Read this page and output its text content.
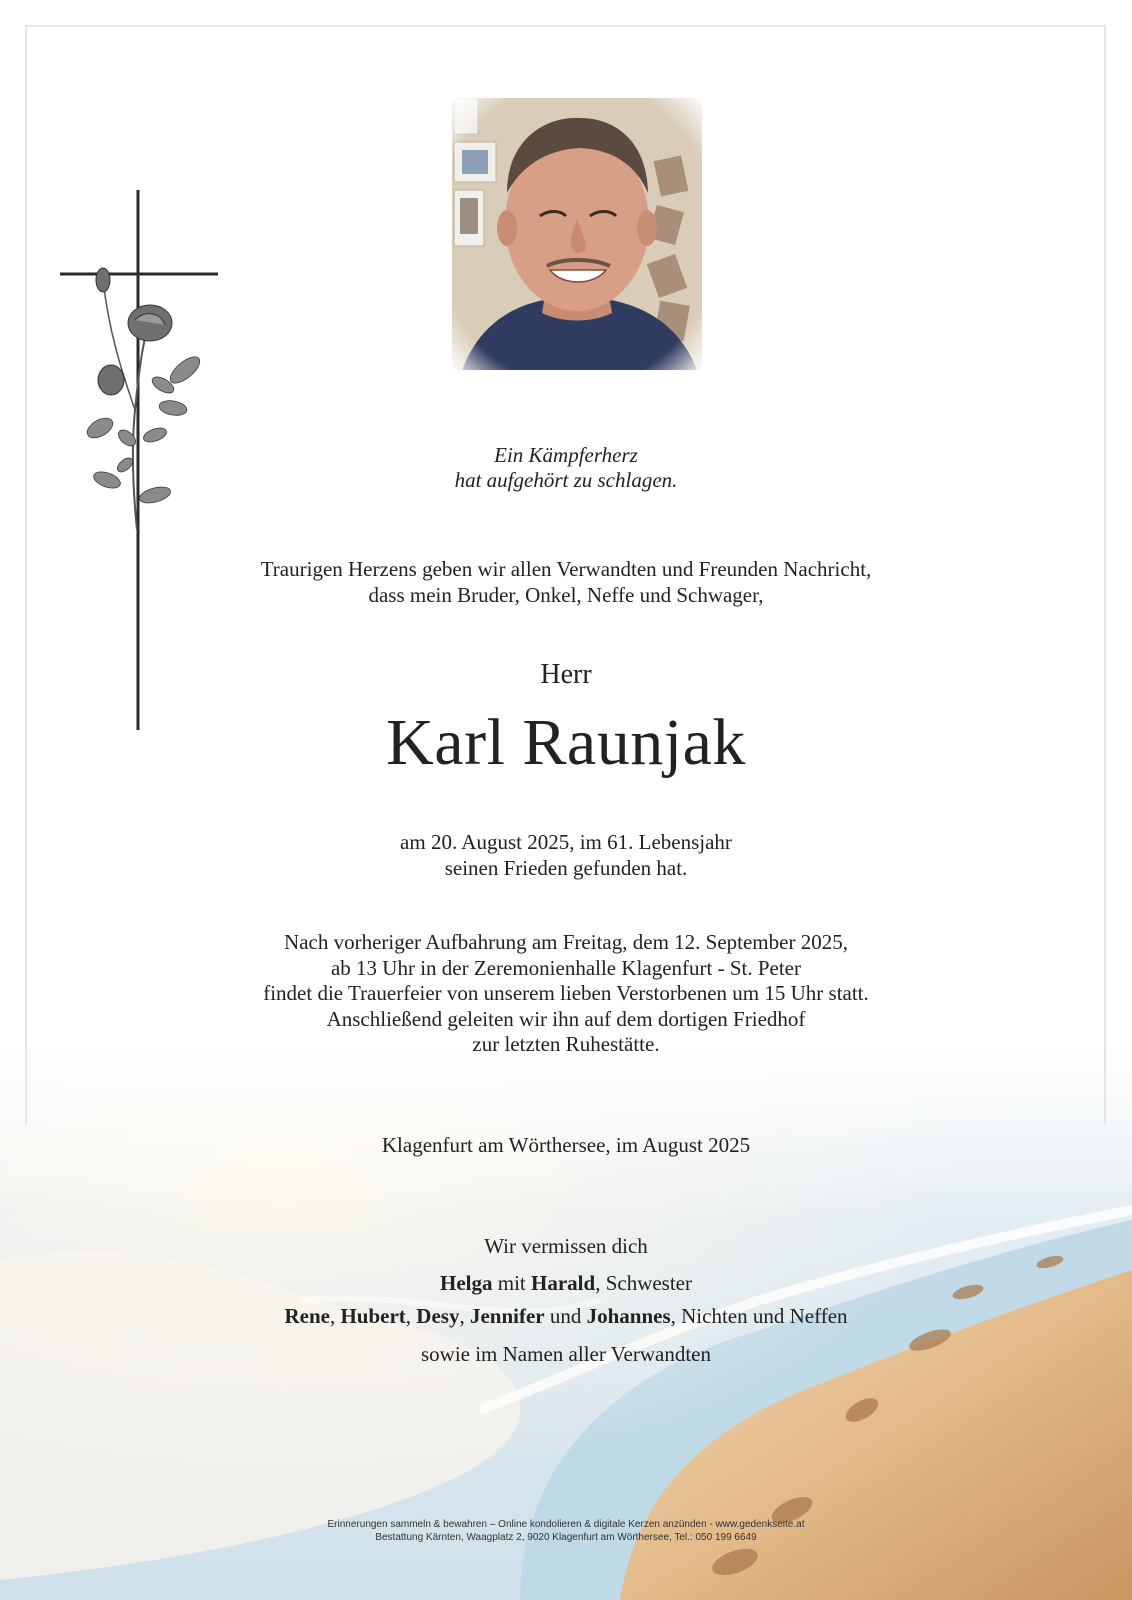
Ein Kämpferherz
hat aufgehört zu schlagen.

Traurigen Herzens geben wir allen Verwandten und Freunden Nachricht,
dass mein Bruder, Onkel, Neffe und Schwager,

Herr

Karl Raunjak

am 20. August 2025, im 61. Lebensjahr
seinen Frieden gefunden hat.

Nach vorheriger Aufbahrung am Freitag, dem 12. September 2025,
ab 13 Uhr in der Zeremonienhalle Klagenfurt - St. Peter
findet die Trauerfeier von unserem lieben Verstorbenen um 15 Uhr statt.
Anschließend geleiten wir ihn auf dem dortigen Friedhof
zur letzten Ruhestätte.

Klagenfurt am Wörthersee, im August 2025

Wir vermissen dich

Helga mit Harald, Schwester

Rene, Hubert, Desy, Jennifer und Johannes, Nichten und Neffen

sowie im Namen aller Verwandten

Erinnerungen sammeln & bewahren – Online kondolieren & digitale Kerzen anzünden - www.gedenkseite.at
Bestattung Kärnten, Waagplatz 2, 9020 Klagenfurt am Wörthersee, Tel.: 050 199 6649
